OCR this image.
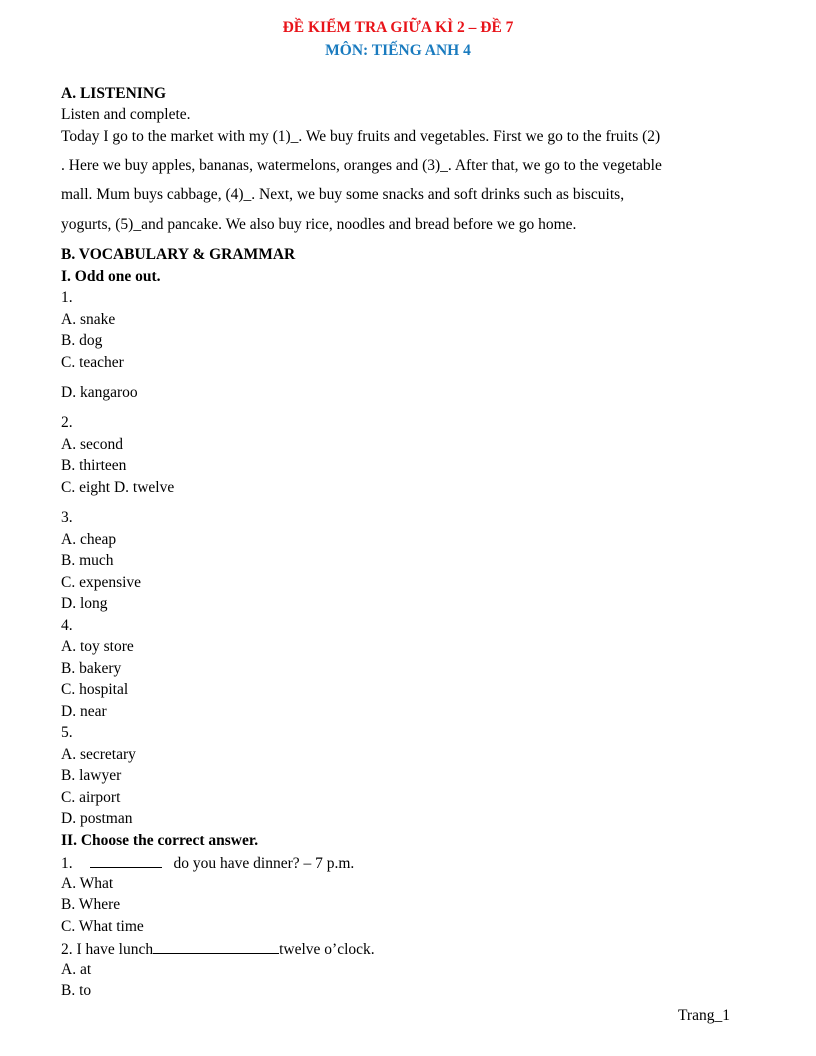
ĐỀ KIỂM TRA GIỮA KÌ 2 – ĐỀ 7
MÔN: TIẾNG ANH 4
A. LISTENING
Listen and complete.
Today I go to the market with my (1)_. We buy fruits and vegetables. First we go to the fruits (2)
. Here we buy apples, bananas, watermelons, oranges and (3)_. After that, we go to the vegetable
mall. Mum buys cabbage, (4)_. Next, we buy some snacks and soft drinks such as biscuits,
yogurts, (5)_and pancake. We also buy rice, noodles and bread before we go home.
B. VOCABULARY & GRAMMAR
I. Odd one out.
1.
A. snake
B. dog
C. teacher
D. kangaroo
2.
A. second
B. thirteen
C. eight D. twelve
3.
A. cheap
B. much
C. expensive
D. long
4.
A. toy store
B. bakery
C. hospital
D. near
5.
A. secretary
B. lawyer
C. airport
D. postman
II. Choose the correct answer.
1.	do you have dinner? – 7 p.m.
A. What
B. Where
C. What time
2. I have lunch	twelve o’clock.
A. at
B. to
Trang_1
